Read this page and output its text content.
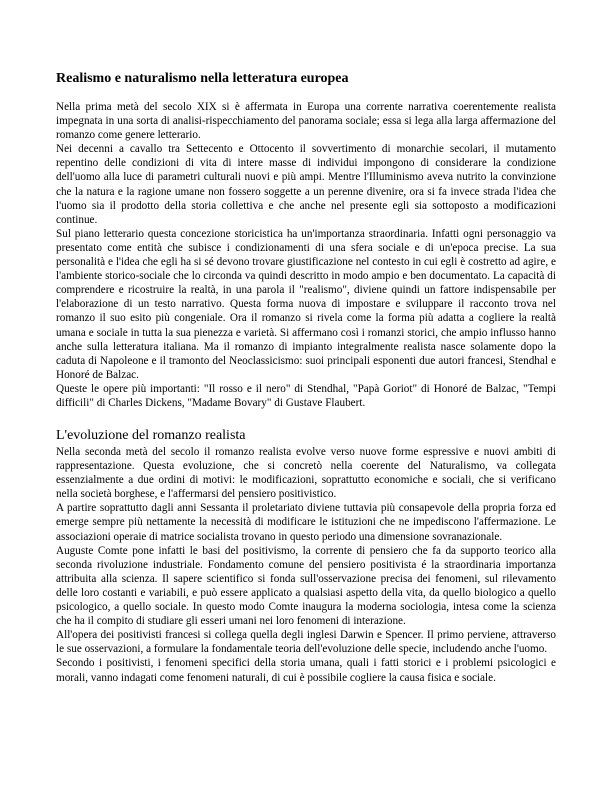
Realismo e naturalismo nella letteratura europea

Nella prima metà del secolo XIX si è affermata in Europa una corrente narrativa coerentemente realista impegnata in una sorta di analisi-rispecchiamento del panorama sociale; essa si lega alla larga affermazione del romanzo come genere letterario.

Nei decenni a cavallo tra Settecento e Ottocento il sovvertimento di monarchie secolari, il mutamento repentino delle condizioni di vita di intere masse di individui impongono di considerare la condizione dell'uomo alla luce di parametri culturali nuovi e più ampi. Mentre l'Illuminismo aveva nutrito la convinzione che la natura e la ragione umane non fossero soggette a un perenne divenire, ora si fa invece strada l'idea che l'uomo sia il prodotto della storia collettiva e che anche nel presente egli sia sottoposto a modificazioni continue.

Sul piano letterario questa concezione storicistica ha un'importanza straordinaria. Infatti ogni personaggio va presentato come entità che subisce i condizionamenti di una sfera sociale e di un'epoca precise. La sua personalità e l'idea che egli ha si sé devono trovare giustificazione nel contesto in cui egli è costretto ad agire, e l'ambiente storico-sociale che lo circonda va quindi descritto in modo ampio e ben documentato. La capacità di comprendere e ricostruire la realtà, in una parola il "realismo", diviene quindi un fattore indispensabile per l'elaborazione di un testo narrativo. Questa forma nuova di impostare e sviluppare il racconto trova nel romanzo il suo esito più congeniale. Ora il romanzo si rivela come la forma più adatta a cogliere la realtà umana e sociale in tutta la sua pienezza e varietà. Si affermano così i romanzi storici, che ampio influsso hanno anche sulla letteratura italiana. Ma il romanzo di impianto integralmente realista nasce solamente dopo la caduta di Napoleone e il tramonto del Neoclassicismo: suoi principali esponenti due autori francesi, Stendhal e Honoré de Balzac.

Queste le opere più importanti: "Il rosso e il nero" di Stendhal, "Papà Goriot" di Honoré de Balzac, "Tempi difficili" di Charles Dickens, "Madame Bovary" di Gustave Flaubert.

L'evoluzione del romanzo realista

Nella seconda metà del secolo il romanzo realista evolve verso nuove forme espressive e nuovi ambiti di rappresentazione. Questa evoluzione, che si concretò nella coerente del Naturalismo, va collegata essenzialmente a due ordini di motivi: le modificazioni, soprattutto economiche e sociali, che si verificano nella società borghese, e l'affermarsi del pensiero positivistico.

A partire soprattutto dagli anni Sessanta il proletariato diviene tuttavia più consapevole della propria forza ed emerge sempre più nettamente la necessità di modificare le istituzioni che ne impediscono l'affermazione. Le associazioni operaie di matrice socialista trovano in questo periodo una dimensione sovranazionale.

Auguste Comte pone infatti le basi del positivismo, la corrente di pensiero che fa da supporto teorico alla seconda rivoluzione industriale. Fondamento comune del pensiero positivista é la straordinaria importanza attribuita alla scienza. Il sapere scientifico si fonda sull'osservazione precisa dei fenomeni, sul rilevamento delle loro costanti e variabili, e può essere applicato a qualsiasi aspetto della vita, da quello biologico a quello psicologico, a quello sociale. In questo modo Comte inaugura la moderna sociologia, intesa come la scienza che ha il compito di studiare gli esseri umani nei loro fenomeni di interazione.

All'opera dei positivisti francesi si collega quella degli inglesi Darwin e Spencer. Il primo perviene, attraverso le sue osservazioni, a formulare la fondamentale teoria dell'evoluzione delle specie, includendo anche l'uomo.

Secondo i positivisti, i fenomeni specifici della storia umana, quali i fatti storici e i problemi psicologici e morali, vanno indagati come fenomeni naturali, di cui è possibile cogliere la causa fisica e sociale.
